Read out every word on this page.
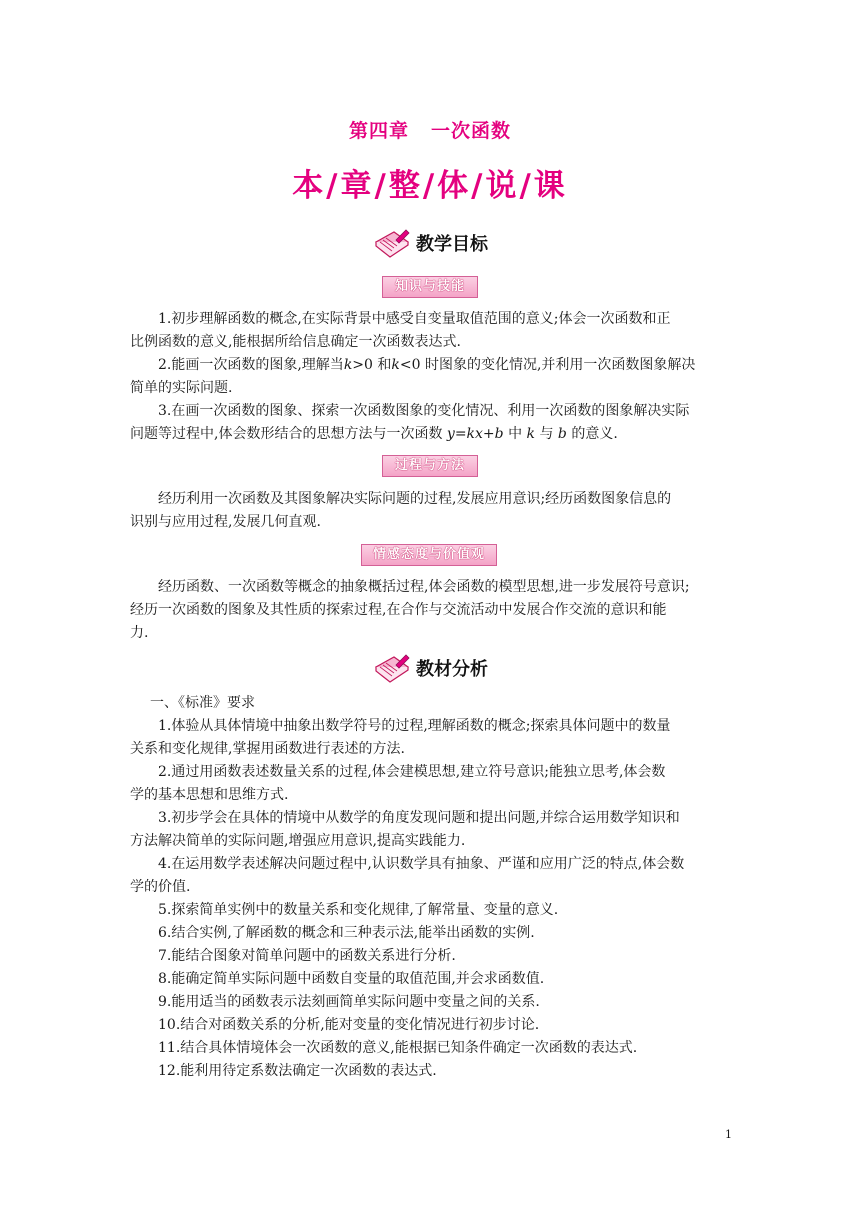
第四章 一次函数
本/章/整/体/说/课
教学目标
知识与技能
1.初步理解函数的概念,在实际背景中感受自变量取值范围的意义;体会一次函数和正
比例函数的意义,能根据所给信息确定一次函数表达式.
2.能画一次函数的图象,理解当k>0 和k<0 时图象的变化情况,并利用一次函数图象解决
简单的实际问题.
3.在画一次函数的图象、探索一次函数图象的变化情况、利用一次函数的图象解决实际
问题等过程中,体会数形结合的思想方法与一次函数 y=kx+b 中 k 与 b 的意义.
过程与方法
经历利用一次函数及其图象解决实际问题的过程,发展应用意识;经历函数图象信息的
识别与应用过程,发展几何直观.
情感态度与价值观
经历函数、一次函数等概念的抽象概括过程,体会函数的模型思想,进一步发展符号意识;
经历一次函数的图象及其性质的探索过程,在合作与交流活动中发展合作交流的意识和能
力.
教材分析
一、《标准》要求
1.体验从具体情境中抽象出数学符号的过程,理解函数的概念;探索具体问题中的数量
关系和变化规律,掌握用函数进行表述的方法.
2.通过用函数表述数量关系的过程,体会建模思想,建立符号意识;能独立思考,体会数
学的基本思想和思维方式.
3.初步学会在具体的情境中从数学的角度发现问题和提出问题,并综合运用数学知识和
方法解决简单的实际问题,增强应用意识,提高实践能力.
4.在运用数学表述解决问题过程中,认识数学具有抽象、严谨和应用广泛的特点,体会数
学的价值.
5.探索简单实例中的数量关系和变化规律,了解常量、变量的意义.
6.结合实例,了解函数的概念和三种表示法,能举出函数的实例.
7.能结合图象对简单问题中的函数关系进行分析.
8.能确定简单实际问题中函数自变量的取值范围,并会求函数值.
9.能用适当的函数表示法刻画简单实际问题中变量之间的关系.
10.结合对函数关系的分析,能对变量的变化情况进行初步讨论.
11.结合具体情境体会一次函数的意义,能根据已知条件确定一次函数的表达式.
12.能利用待定系数法确定一次函数的表达式.
1
